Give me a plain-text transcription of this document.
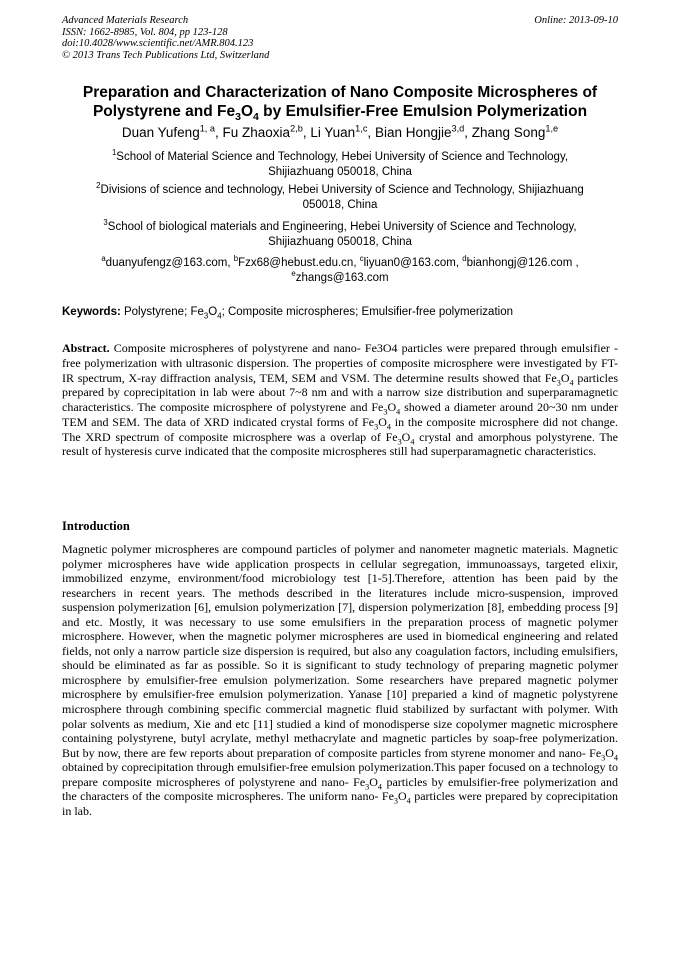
Advanced Materials Research
ISSN: 1662-8985, Vol. 804, pp 123-128
doi:10.4028/www.scientific.net/AMR.804.123
© 2013 Trans Tech Publications Ltd, Switzerland
Online: 2013-09-10
Preparation and Characterization of Nano Composite Microspheres of
Polystyrene and $Fe_3O_4$ by Emulsifier-Free Emulsion Polymerization
Duan Yufeng$^{1, a}$, Fu Zhaoxia$^{2,b}$, Li Yuan$^{1,c}$, Bian Hongjie$^{3,d}$, Zhang Song$^{1,e}$
$^1$School of Material Science and Technology, Hebei University of Science and Technology,
Shijiazhuang 050018, China
$^2$Divisions of science and technology, Hebei University of Science and Technology, Shijiazhuang
050018, China
$^3$School of biological materials and Engineering, Hebei University of Science and Technology,
Shijiazhuang 050018, China
$^a$duanyufengz@163.com, $^b$Fzx68@hebust.edu.cn, $^c$liyuan0@163.com, $^d$bianhongj@126.com ,
$^e$zhangs@163.com
Keywords: Polystyrene; $Fe_3O_4$; Composite microspheres; Emulsifier-free polymerization
Abstract. Composite microspheres of polystyrene and nano- Fe3O4 particles were prepared through emulsifier -free polymerization with ultrasonic dispersion. The properties of composite microsphere were investigated by FT-IR spectrum, X-ray diffraction analysis, TEM, SEM and VSM. The determine results showed that $Fe_3O_4$ particles prepared by coprecipitation in lab were about 7~8 nm and with a narrow size distribution and superparamagnetic characteristics. The composite microsphere of polystyrene and $Fe_3O_4$ showed a diameter around 20~30 nm under TEM and SEM. The data of XRD indicated crystal forms of $Fe_3O_4$ in the composite microsphere did not change. The XRD spectrum of composite microsphere was a overlap of $Fe_3O_4$ crystal and amorphous polystyrene. The result of hysteresis curve indicated that the composite microspheres still had superparamagnetic characteristics.
Introduction
Magnetic polymer microspheres are compound particles of polymer and nanometer magnetic materials. Magnetic polymer microspheres have wide application prospects in cellular segregation, immunoassays, targeted elixir, immobilized enzyme, environment/food microbiology test [1-5].Therefore, attention has been paid by the researchers in recent years. The methods described in the literatures include micro-suspension, improved suspension polymerization [6], emulsion polymerization [7], dispersion polymerization [8], embedding process [9] and etc. Mostly, it was necessary to use some emulsifiers in the preparation process of magnetic polymer microsphere. However, when the magnetic polymer microspheres are used in biomedical engineering and related fields, not only a narrow particle size dispersion is required, but also any coagulation factors, including emulsifiers, should be eliminated as far as possible. So it is significant to study technology of preparing magnetic polymer microsphere by emulsifier-free emulsion polymerization. Some researchers have prepared magnetic polymer microsphere by emulsifier-free emulsion polymerization. Yanase [10] preparied a kind of magnetic polystyrene microsphere through combining specific commercial magnetic fluid stabilized by surfactant with polymer. With polar solvents as medium, Xie and etc [11] studied a kind of monodisperse size copolymer magnetic microsphere containing polystyrene, butyl acrylate, methyl methacrylate and magnetic particles by soap-free polymerization. But by now, there are few reports about preparation of composite particles from styrene monomer and nano- $Fe_3O_4$ obtained by coprecipitation through emulsifier-free emulsion polymerization.This paper focused on a technology to prepare composite microspheres of polystyrene and nano- $Fe_3O_4$ particles by emulsifier-free polymerization and the characters of the composite microspheres. The uniform nano- $Fe_3O_4$ particles were prepared by coprecipitation in lab.
